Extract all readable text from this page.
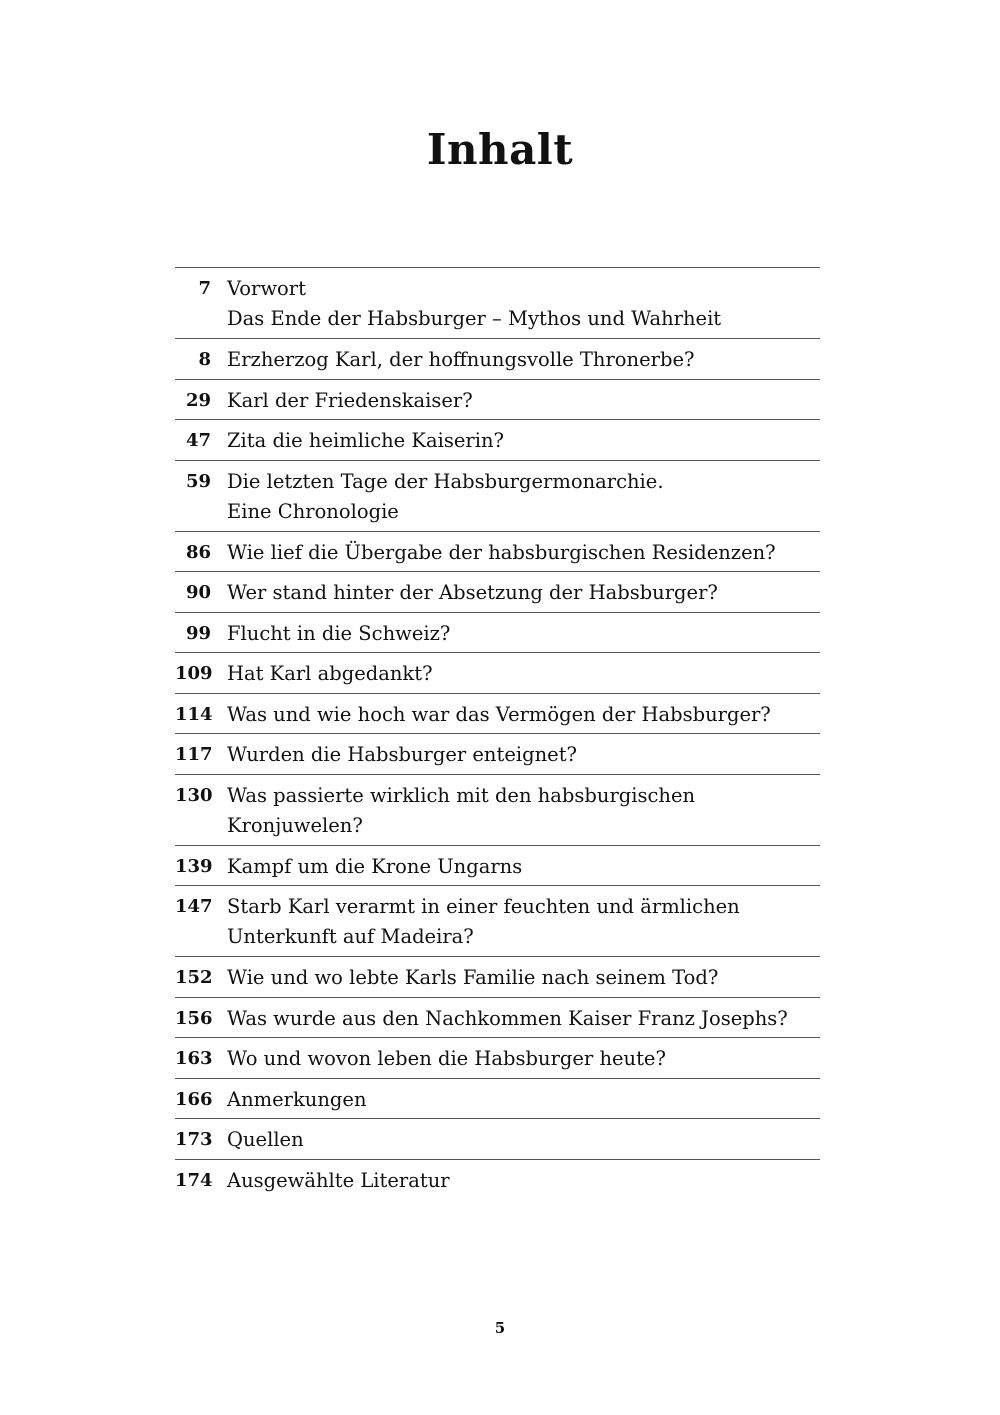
Inhalt
7 Vorwort
Das Ende der Habsburger – Mythos und Wahrheit
8 Erzherzog Karl, der hoffnungsvolle Thronerbe?
29 Karl der Friedenskaiser?
47 Zita die heimliche Kaiserin?
59 Die letzten Tage der Habsburgermonarchie.
Eine Chronologie
86 Wie lief die Übergabe der habsburgischen Residenzen?
90 Wer stand hinter der Absetzung der Habsburger?
99 Flucht in die Schweiz?
109 Hat Karl abgedankt?
114 Was und wie hoch war das Vermögen der Habsburger?
117 Wurden die Habsburger enteignet?
130 Was passierte wirklich mit den habsburgischen
Kronjuwelen?
139 Kampf um die Krone Ungarns
147 Starb Karl verarmt in einer feuchten und ärmlichen
Unterkunft auf Madeira?
152 Wie und wo lebte Karls Familie nach seinem Tod?
156 Was wurde aus den Nachkommen Kaiser Franz Josephs?
163 Wo und wovon leben die Habsburger heute?
166 Anmerkungen
173 Quellen
174 Ausgewählte Literatur
5
